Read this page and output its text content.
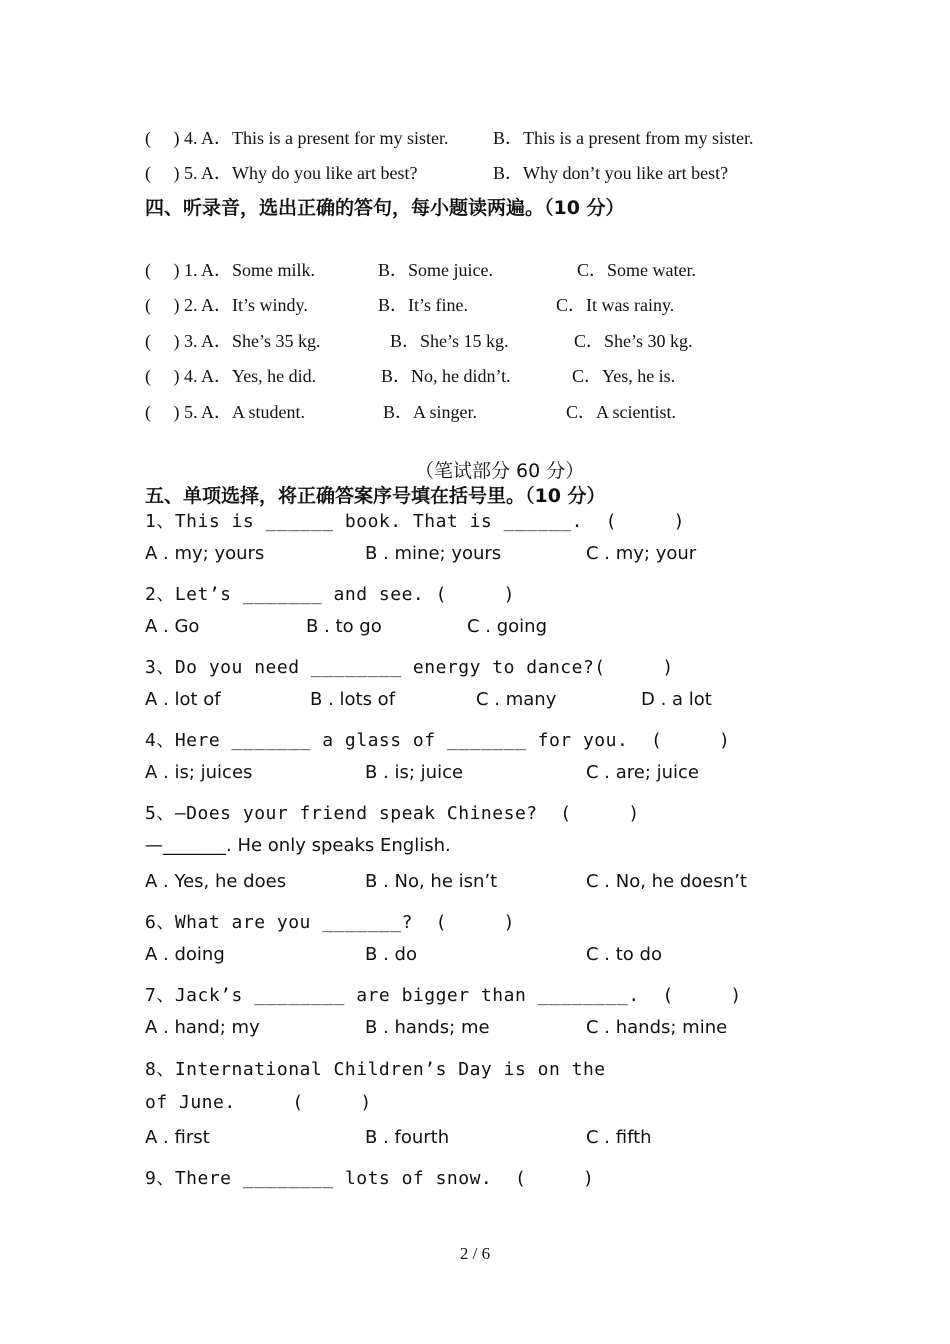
(     ) 4. A．This is a present for my sister. B．This is a present from my sister.
(     ) 5. A．Why do you like art best?	B．Why don’t you like art best?
四、听录音，选出正确的答句，每小题读两遍。（10 分）
(     ) 1. A．Some milk.	B．Some juice.	C．Some water.
(     ) 2. A．It’s windy.	B．It’s fine.	C．It was rainy.
(     ) 3. A．She’s 35 kg.	B．She’s 15 kg.	C．She’s 30 kg.
(     ) 4. A．Yes, he did.	B．No, he didn’t.	C．Yes, he is.
(     ) 5. A．A student.	B．A singer.	C．A scientist.
（笔试部分 60 分）
五、单项选择，将正确答案序号填在括号里。（10 分）
1、This is ______ book. That is ______.  (     )
A . my; yours	B . mine; yours	C . my; your
2、Let’s _______ and see. (     )
A . Go	B . to go	C . going
3、Do you need ________ energy to dance?(     )
A . lot of	B . lots of	C . many	D . a lot
4、Here _______ a glass of _______ for you.  (     )
A . is; juices	B . is; juice	C . are; juice
5、—Does your friend speak Chinese?  (     )
—_______. He only speaks English.
A . Yes, he does	B . No, he isn’t	C . No, he doesn’t
6、What are you _______?  (     )
A . doing	B . do	C . to do
7、Jack’s ________ are bigger than ________.  (     )
A . hand; my	B . hands; me	C . hands; mine
8、International Children’s Day is on the
of June.     (     )
A . first	B . fourth	C . fifth
9、There ________ lots of snow.  (     )
2 / 6
